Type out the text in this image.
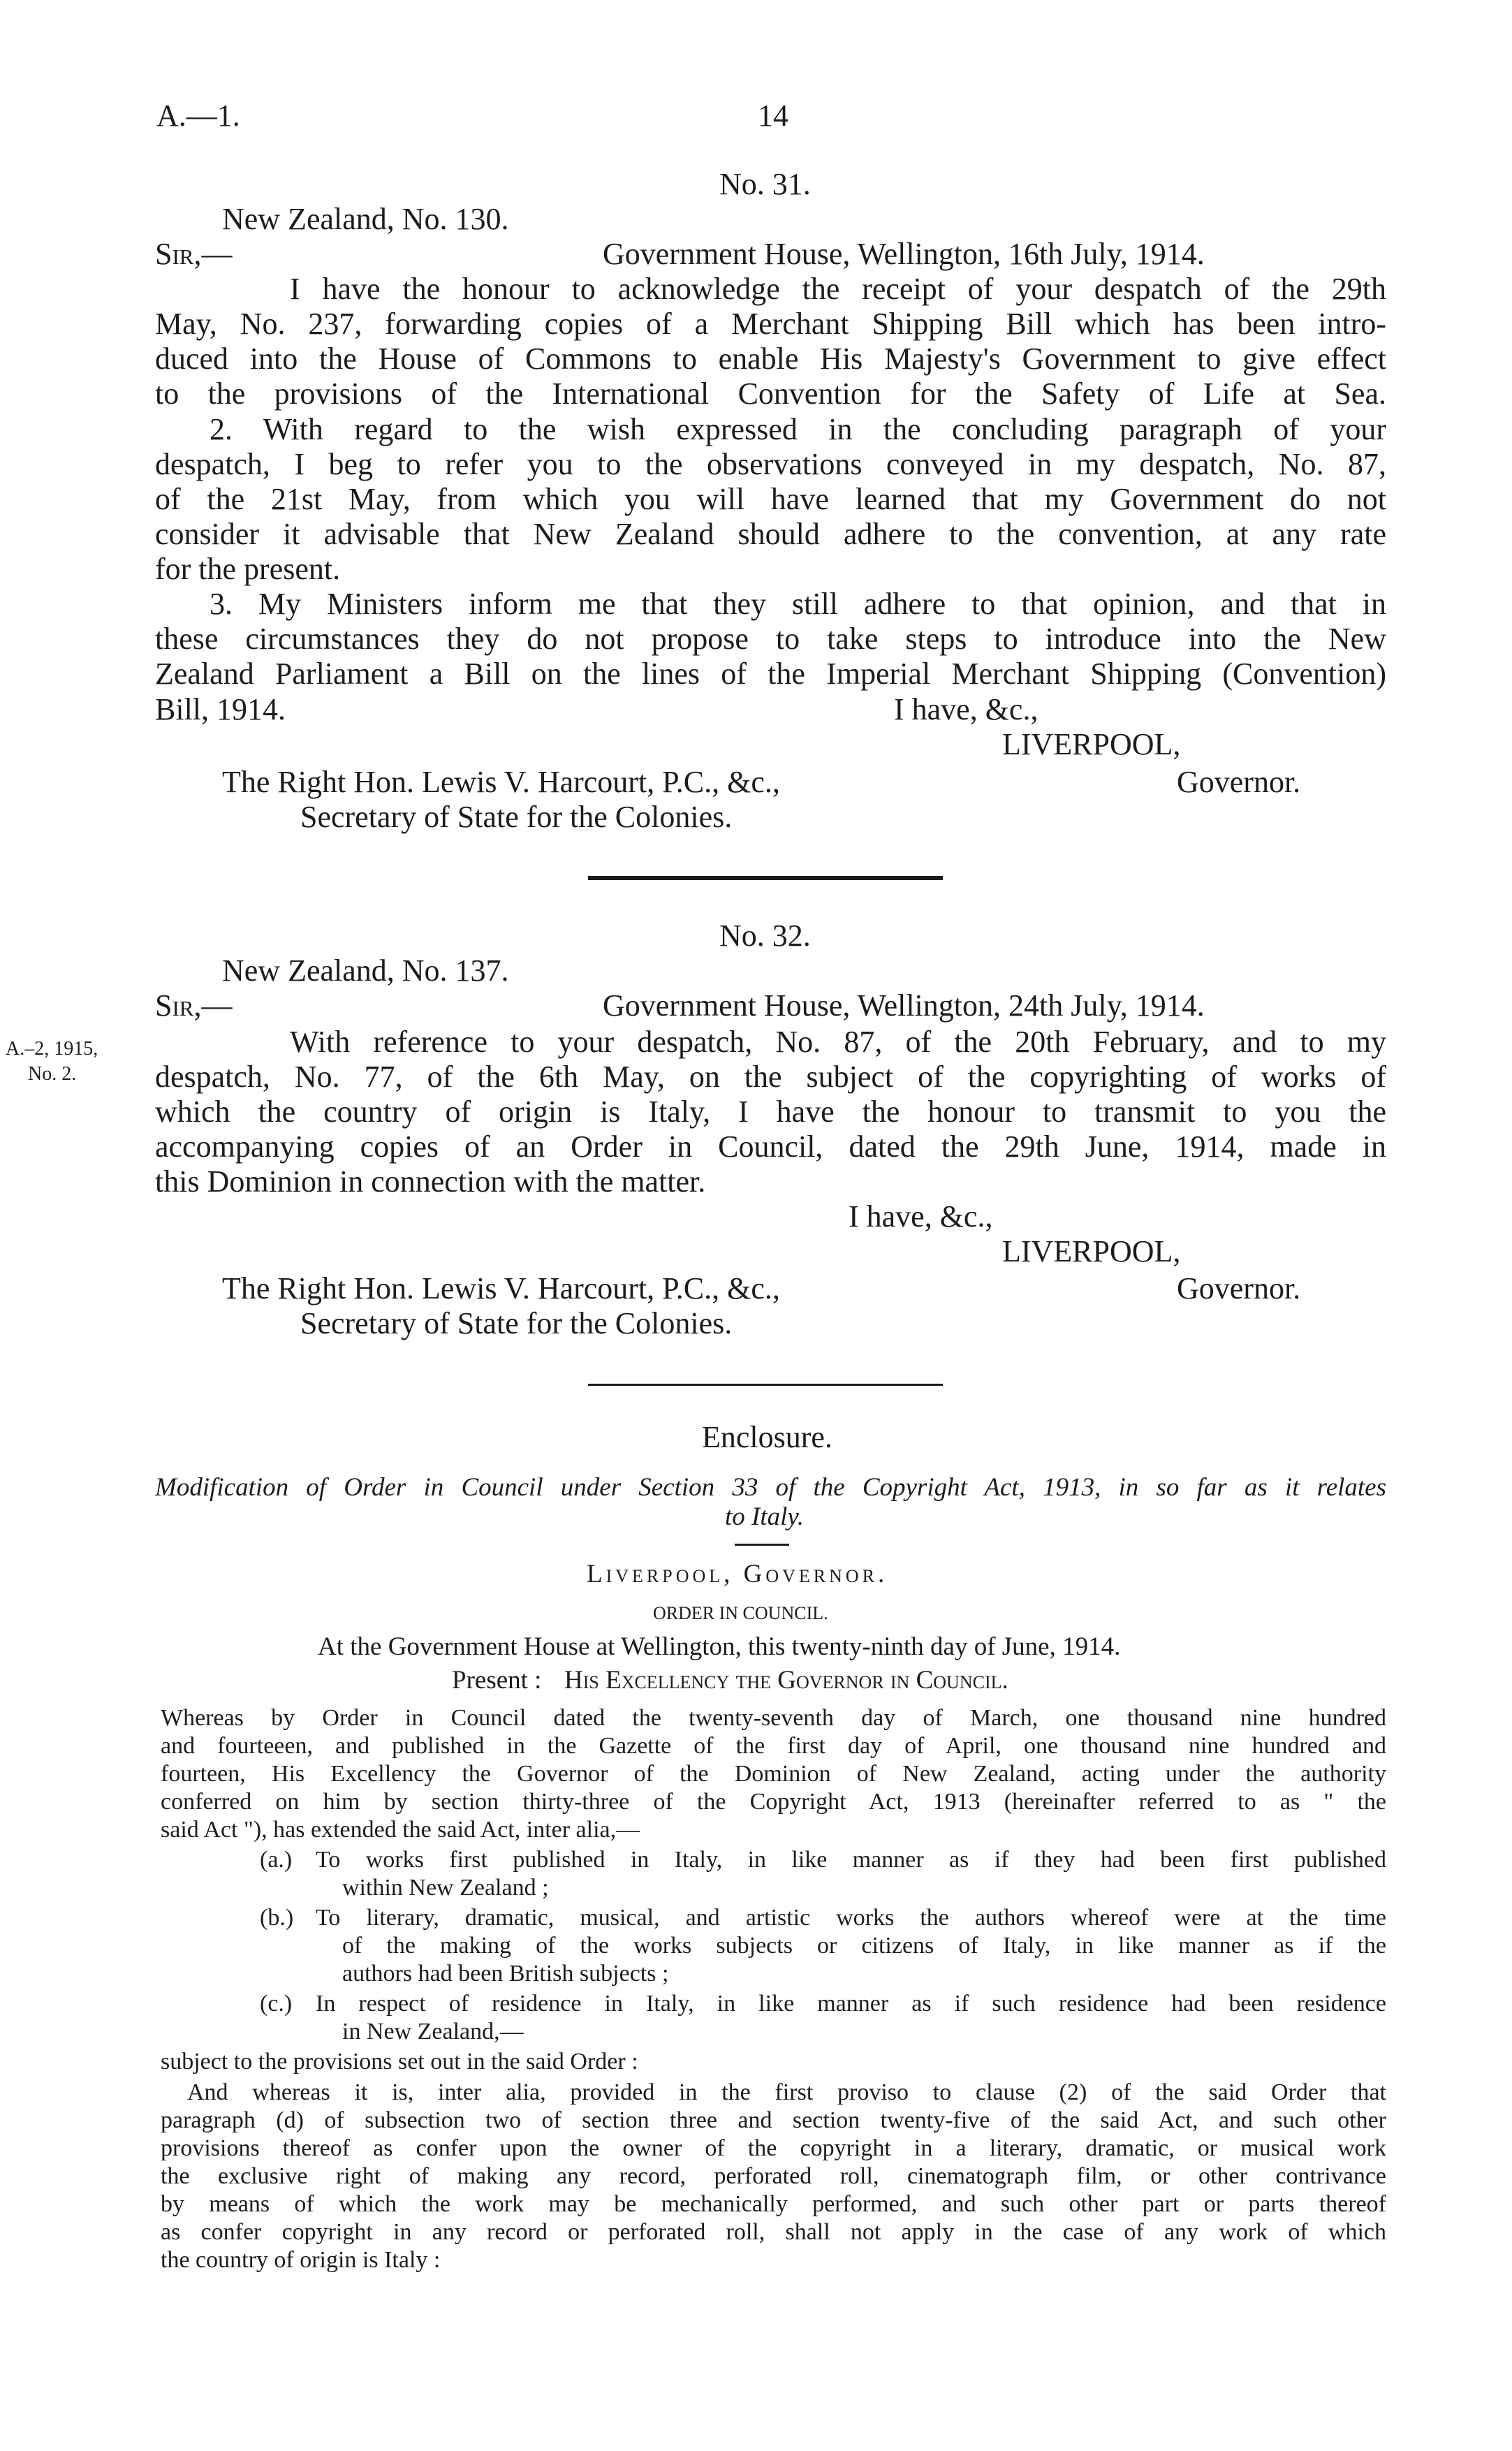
A.—1.	14
No. 31.
New Zealand, No. 130.
Sir,—	Government House, Wellington, 16th July, 1914.
I have the honour to acknowledge the receipt of your despatch of the 29th
May, No. 237, forwarding copies of a Merchant Shipping Bill which has been intro-
duced into the House of Commons to enable His Majesty's Government to give effect
to the provisions of the International Convention for the Safety of Life at Sea.
2. With regard to the wish expressed in the concluding paragraph of your
despatch, I beg to refer you to the observations conveyed in my despatch, No. 87,
of the 21st May, from which you will have learned that my Government do not
consider it advisable that New Zealand should adhere to the convention, at any rate
for the present.
3. My Ministers inform me that they still adhere to that opinion, and that in
these circumstances they do not propose to take steps to introduce into the New
Zealand Parliament a Bill on the lines of the Imperial Merchant Shipping (Convention)
Bill, 1914.	I have, &c.,
LIVERPOOL,
The Right Hon. Lewis V. Harcourt, P.C., &c.,	Governor.
Secretary of State for the Colonies.
No. 32.
New Zealand, No. 137.
Sir,—	Government House, Wellington, 24th July, 1914.
A.–2, 1915,
No. 2.
With reference to your despatch, No. 87, of the 20th February, and to my
despatch, No. 77, of the 6th May, on the subject of the copyrighting of works of
which the country of origin is Italy, I have the honour to transmit to you the
accompanying copies of an Order in Council, dated the 29th June, 1914, made in
this Dominion in connection with the matter.
I have, &c.,
LIVERPOOL,
The Right Hon. Lewis V. Harcourt, P.C., &c.,	Governor.
Secretary of State for the Colonies.
Enclosure.
Modification of Order in Council under Section 33 of the Copyright Act, 1913, in so far as it relates
to Italy.
Liverpool, Governor.
ORDER IN COUNCIL.
At the Government House at Wellington, this twenty-ninth day of June, 1914.
Present : His Excellency the Governor in Council.
Whereas by Order in Council dated the twenty-seventh day of March, one thousand nine hundred
and fourteeen, and published in the Gazette of the first day of April, one thousand nine hundred and
fourteen, His Excellency the Governor of the Dominion of New Zealand, acting under the authority
conferred on him by section thirty-three of the Copyright Act, 1913 (hereinafter referred to as " the
said Act "), has extended the said Act, inter alia,—
(a.) To works first published in Italy, in like manner as if they had been first published
within New Zealand ;
(b.) To literary, dramatic, musical, and artistic works the authors whereof were at the time
of the making of the works subjects or citizens of Italy, in like manner as if the
authors had been British subjects ;
(c.) In respect of residence in Italy, in like manner as if such residence had been residence
in New Zealand,—
subject to the provisions set out in the said Order :
And whereas it is, inter alia, provided in the first proviso to clause (2) of the said Order that
paragraph (d) of subsection two of section three and section twenty-five of the said Act, and such other
provisions thereof as confer upon the owner of the copyright in a literary, dramatic, or musical work
the exclusive right of making any record, perforated roll, cinematograph film, or other contrivance
by means of which the work may be mechanically performed, and such other part or parts thereof
as confer copyright in any record or perforated roll, shall not apply in the case of any work of which
the country of origin is Italy :
